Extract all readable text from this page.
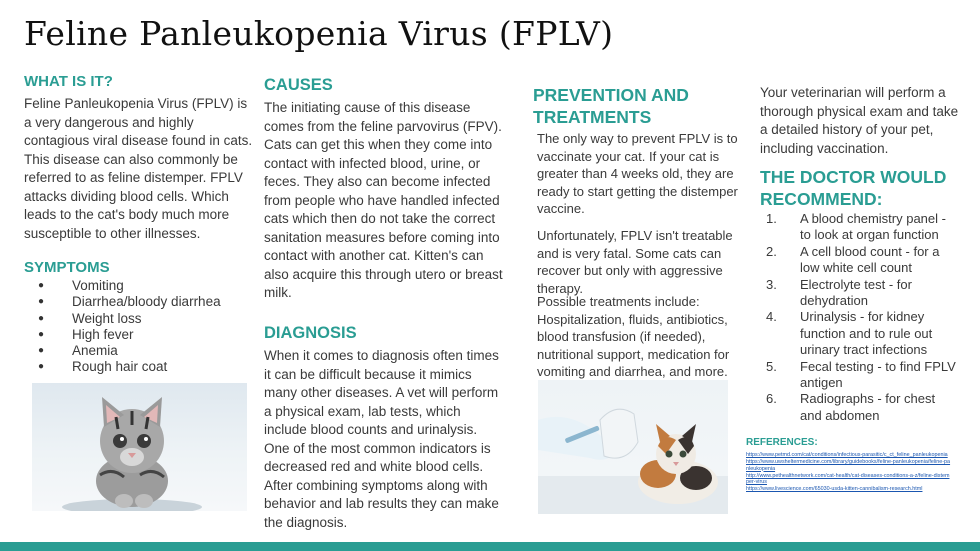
Feline Panleukopenia Virus (FPLV)
WHAT IS IT?
Feline Panleukopenia Virus (FPLV) is a very dangerous and highly contagious viral disease found in cats. This disease can also commonly be referred to as feline distemper. FPLV attacks dividing blood cells. Which leads to the cat's body much more susceptible to other illnesses.
SYMPTOMS
● Vomiting
● Diarrhea/bloody diarrhea
● Weight loss
● High fever
● Anemia
● Rough hair coat
CAUSES
The initiating cause of this disease comes from the feline parvovirus (FPV). Cats can get this when they come into contact with infected blood, urine, or feces. They also can become infected from people who have handled infected cats which then do not take the correct sanitation measures before coming into contact with another cat. Kitten's can also acquire this through utero or breast milk.
DIAGNOSIS
When it comes to diagnosis often times it can be difficult because it mimics many other diseases. A vet will perform a physical exam, lab tests, which include blood counts and urinalysis. One of the most common indicators is decreased red and white blood cells. After combining symptoms along with behavior and lab results they can make the diagnosis.
PREVENTION AND
TREATMENTS
The only way to prevent FPLV is to vaccinate your cat. If your cat is greater than 4 weeks old, they are ready to start getting the distemper vaccine.
Unfortunately, FPLV isn't treatable and is very fatal. Some cats can recover but only with aggressive therapy.
Possible treatments include: Hospitalization, fluids, antibiotics, blood transfusion (if needed), nutritional support, medication for vomiting and diarrhea, and more.
Your veterinarian will perform a thorough physical exam and take a detailed history of your pet, including vaccination.
THE DOCTOR WOULD
RECOMMEND:
1. A blood chemistry panel - to look at organ function
2. A cell blood count - for a low white cell count
3. Electrolyte test - for dehydration
4. Urinalysis - for kidney function and to rule out urinary tract infections
5. Fecal testing - to find FPLV antigen
6. Radiographs - for chest and abdomen
REFERENCES:
https://www.petmd.com/cat/conditions/infectious-parasitic/c_ct_feline_panleukopenia
https://www.uwsheltermedicine.com/library/guidebooks/feline-panleukopenia/feline-panleukopenia
http://www.pethealthnetwork.com/cat-health/cat-diseases-conditions-a-z/feline-distemper-virus
https://www.livescience.com/65030-usda-kitten-cannibalism-research.html
